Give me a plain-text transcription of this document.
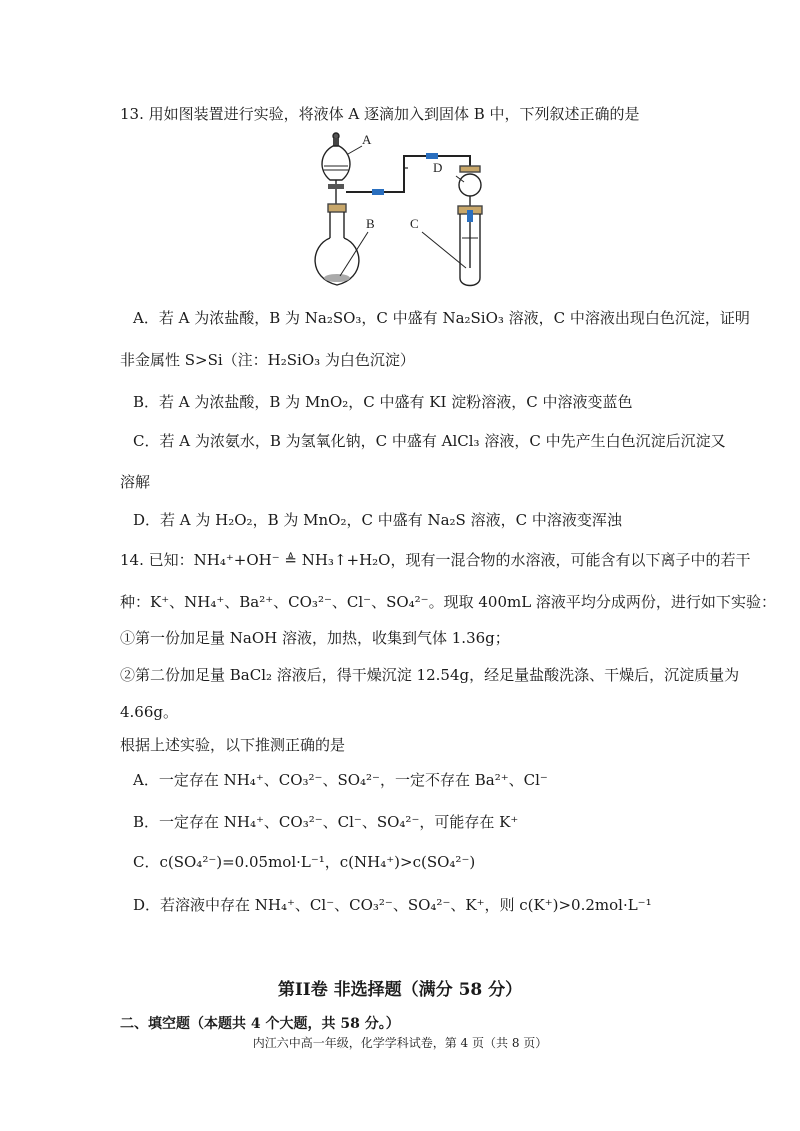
13. 用如图装置进行实验，将液体 A 逐滴加入到固体 B 中，下列叙述正确的是
A
B
D
C
A．若 A 为浓盐酸，B 为 Na₂SO₃，C 中盛有 Na₂SiO₃ 溶液，C 中溶液出现白色沉淀，证明
非金属性 S>Si（注：H₂SiO₃ 为白色沉淀）
B．若 A 为浓盐酸，B 为 MnO₂，C 中盛有 KI 淀粉溶液，C 中溶液变蓝色
C．若 A 为浓氨水，B 为氢氧化钠，C 中盛有 AlCl₃ 溶液，C 中先产生白色沉淀后沉淀又
溶解
D．若 A 为 H₂O₂，B 为 MnO₂，C 中盛有 Na₂S 溶液，C 中溶液变浑浊
14. 已知：NH₄⁺+OH⁻ ≜ NH₃↑+H₂O，现有一混合物的水溶液，可能含有以下离子中的若干
种：K⁺、NH₄⁺、Ba²⁺、CO₃²⁻、Cl⁻、SO₄²⁻。现取 400mL 溶液平均分成两份，进行如下实验：
①第一份加足量 NaOH 溶液，加热，收集到气体 1.36g；
②第二份加足量 BaCl₂ 溶液后，得干燥沉淀 12.54g，经足量盐酸洗涤、干燥后，沉淀质量为
4.66g。
根据上述实验，以下推测正确的是
A．一定存在 NH₄⁺、CO₃²⁻、SO₄²⁻，一定不存在 Ba²⁺、Cl⁻
B．一定存在 NH₄⁺、CO₃²⁻、Cl⁻、SO₄²⁻，可能存在 K⁺
C．c(SO₄²⁻)=0.05mol·L⁻¹，c(NH₄⁺)>c(SO₄²⁻)
D．若溶液中存在 NH₄⁺、Cl⁻、CO₃²⁻、SO₄²⁻、K⁺，则 c(K⁺)>0.2mol·L⁻¹
第II卷 非选择题（满分 58 分）
二、填空题（本题共 4 个大题，共 58 分。）
内江六中高一年级，化学学科试卷，第 4 页（共 8 页）
